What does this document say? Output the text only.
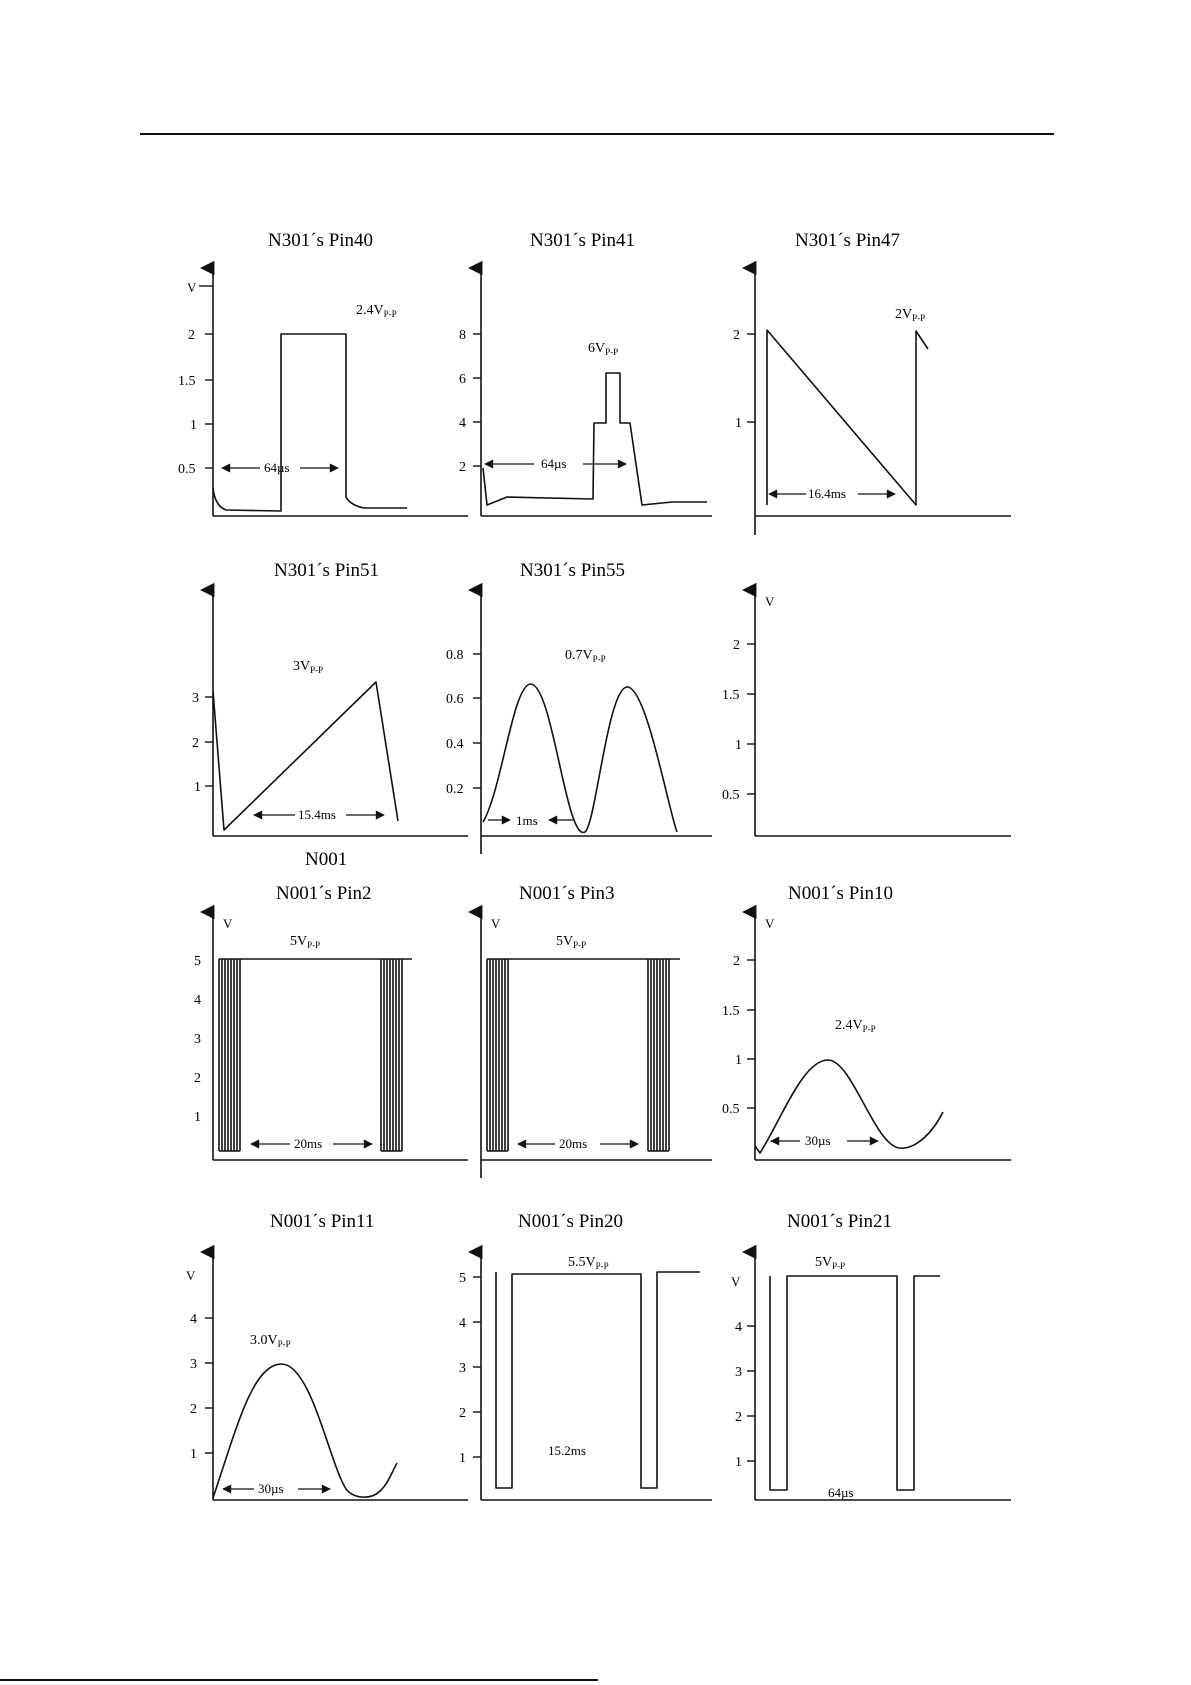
N001
N301´s Pin40
V
2
1.5
1
0.5
$2.4V_{P-P}$
64µs
N301´s Pin41
8
6
4
2
$6V_{P-P}$
64µs
N301´s Pin47
2
1
$2V_{P-P}$
16.4ms
N301´s Pin51
3
2
1
$3V_{P-P}$
15.4ms
N301´s Pin55
0.8
0.6
0.4
0.2
$0.7V_{P-P}$
1ms
V
2
1.5
1
0.5
N001´s Pin2
V
5
4
3
2
1
$5V_{P-P}$
20ms
N001´s Pin3
V
$5V_{P-P}$
20ms
N001´s Pin10
V
2
1.5
1
0.5
$2.4V_{P-P}$
30µs
N001´s Pin11
V
4
3
2
1
$3.0V_{P-P}$
30µs
N001´s Pin20
5
4
3
2
1
$5.5V_{P-P}$
15.2ms
N001´s Pin21
V
4
3
2
1
$5V_{P-P}$
64µs
